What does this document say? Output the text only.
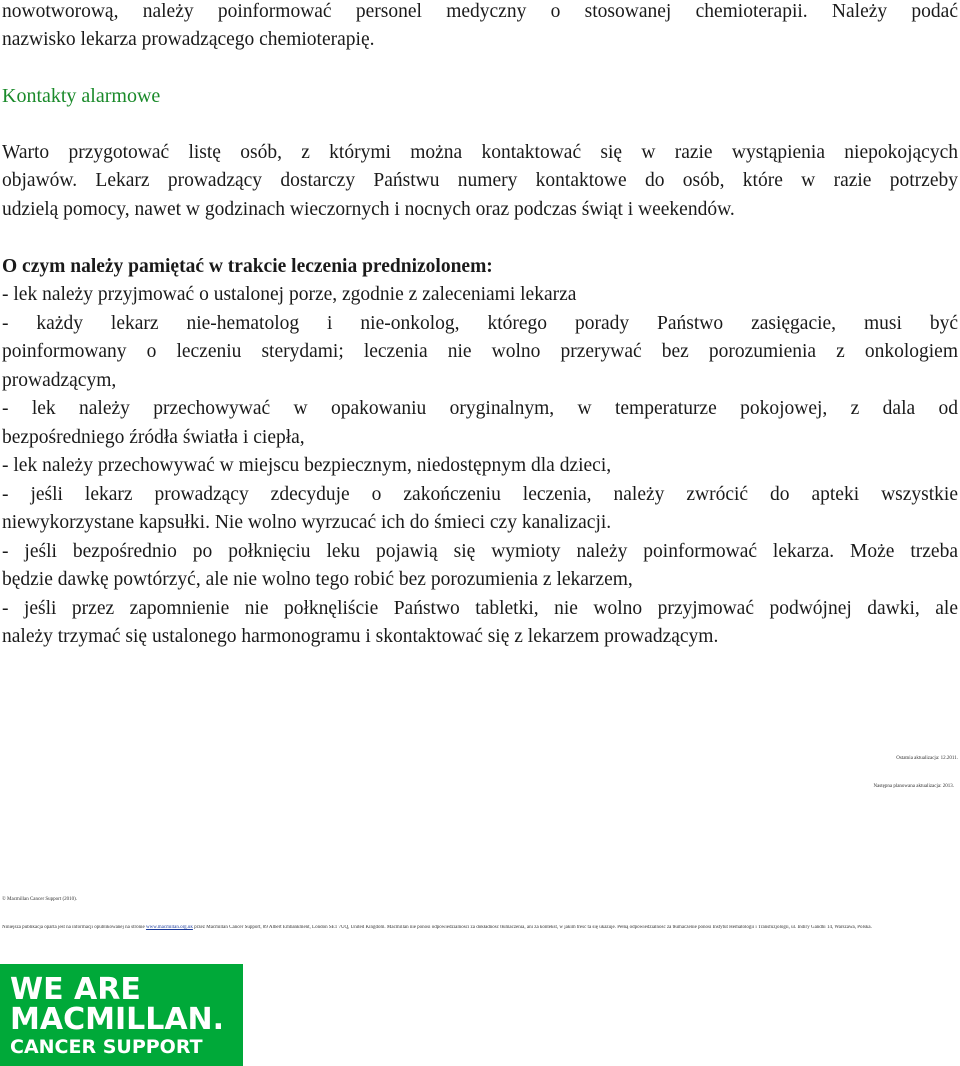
nowotworową, należy poinformować personel medyczny o stosowanej chemioterapii. Należy podać
nazwisko lekarza prowadzącego chemioterapię.
Kontakty alarmowe
Warto przygotować listę osób, z którymi można kontaktować się w razie wystąpienia niepokojących
objawów. Lekarz prowadzący dostarczy Państwu numery kontaktowe do osób, które w razie potrzeby
udzielą pomocy, nawet w godzinach wieczornych i nocnych oraz podczas świąt i weekendów.
O czym należy pamiętać w trakcie leczenia prednizolonem:
- lek należy przyjmować o ustalonej porze, zgodnie z zaleceniami lekarza
- każdy lekarz nie-hematolog i nie-onkolog, którego porady Państwo zasięgacie, musi być
poinformowany o leczeniu sterydami; leczenia nie wolno przerywać bez porozumienia z onkologiem
prowadzącym,
- lek należy przechowywać w opakowaniu oryginalnym, w temperaturze pokojowej, z dala od
bezpośredniego źródła światła i ciepła,
- lek należy przechowywać w miejscu bezpiecznym, niedostępnym dla dzieci,
- jeśli lekarz prowadzący zdecyduje o zakończeniu leczenia, należy zwrócić do apteki wszystkie
niewykorzystane kapsułki. Nie wolno wyrzucać ich do śmieci czy kanalizacji.
- jeśli bezpośrednio po połknięciu leku pojawią się wymioty należy poinformować lekarza. Może trzeba
będzie dawkę powtórzyć, ale nie wolno tego robić bez porozumienia z lekarzem,
- jeśli przez zapomnienie nie połknęliście Państwo tabletki, nie wolno przyjmować podwójnej dawki, ale
należy trzymać się ustalonego harmonogramu i skontaktować się z lekarzem prowadzącym.
Ostatnia aktualizacja: 12.2011.
Następna planowana aktualizacja: 2013.
© Macmillan Cancer Support (2010).
Niniejsza publikacja oparta jest na informacji opublikowanej na stronie www.macmillan.org.uk przez Macmillan Cancer Support, 89 Albert Embankment, London SE1 7UQ, United Kingdom. Macmillan nie ponosi odpowiedzialności za dokładność tłumaczenia, ani za kontekst, w jakim treść ta się ukazuje. Pełną odpowiedzialność za tłumaczenie ponosi Instytut Hematologii i Transfuzjologii, ul. Indiry Gandhi 14, Warszawa, Polska.
WE ARE
MACMILLAN.
CANCER SUPPORT
